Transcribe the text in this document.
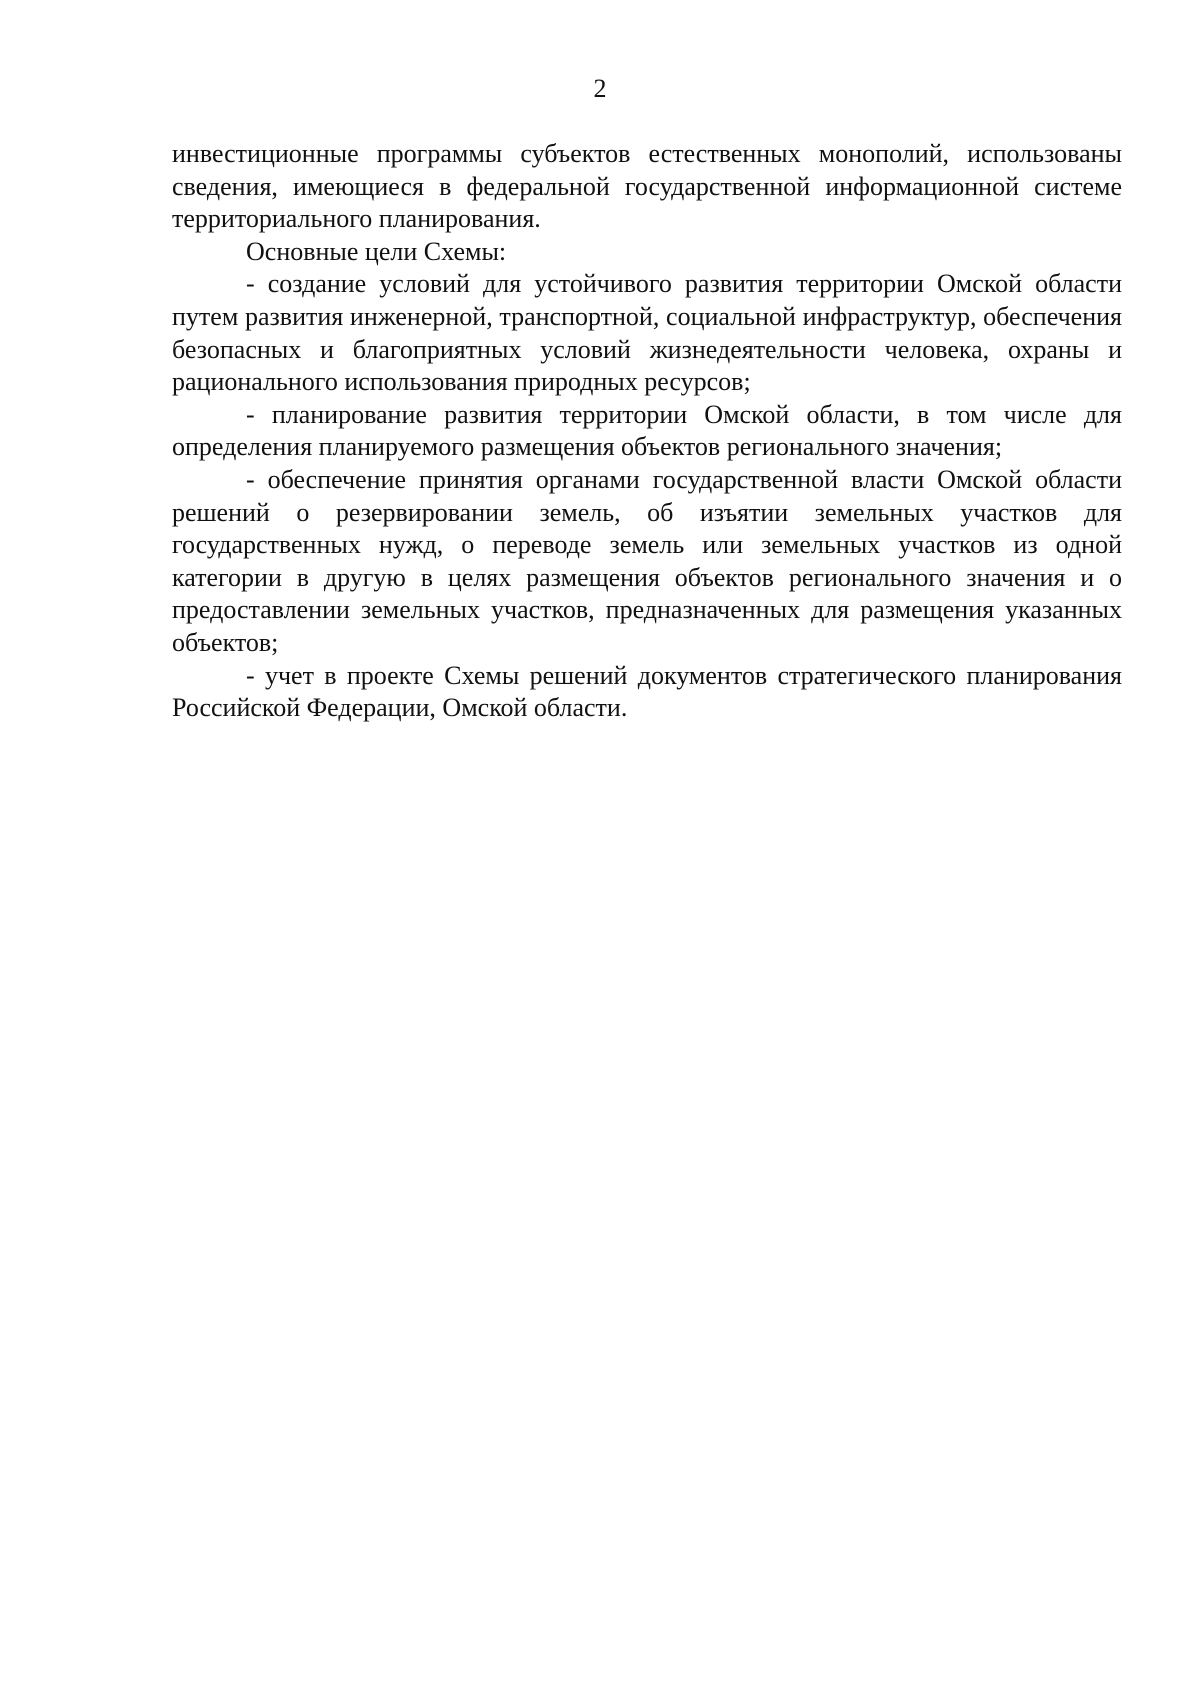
2

инвестиционные программы субъектов естественных монополий, использованы сведения, имеющиеся в федеральной государственной информационной системе территориального планирования.

Основные цели Схемы:

- создание условий для устойчивого развития территории Омской области путем развития инженерной, транспортной, социальной инфраструктур, обеспечения безопасных и благоприятных условий жизнедеятельности человека, охраны и рационального использования природных ресурсов;

- планирование развития территории Омской области, в том числе для определения планируемого размещения объектов регионального значения;

- обеспечение принятия органами государственной власти Омской области решений о резервировании земель, об изъятии земельных участков для государственных нужд, о переводе земель или земельных участков из одной категории в другую в целях размещения объектов регионального значения и о предоставлении земельных участков, предназначенных для размещения указанных объектов;

- учет в проекте Схемы решений документов стратегического планирования Российской Федерации, Омской области.
